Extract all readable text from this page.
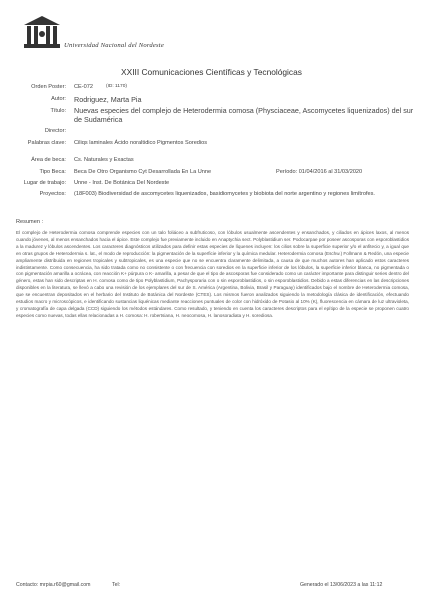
Universidad Nacional del Nordeste
XXIII Comunicaciones Científicas y Tecnológicas
Orden Poster: CE-072	(ID: 1170)
Autor: Rodriguez, Marta Pia
Título: Nuevas especies del complejo de Heterodermia comosa (Physciaceae, Ascomycetes liquenizados) del sur de Sudamérica
Director:
Palabras clave: Ciliqs laminales Ácido noraltidico Pigmentos Soredios
Área de beca: Cs. Naturales y Exactas
Tipo Beca: Beca De Otro Organismo Cyt Desarrollada En La Unne	Período: 01/04/2016 al 31/03/2020
Lugar de trabajo: Unne - Inst. De Botánica Del Nordeste
Proyectos: (18F003) Biodiversidad de ascomycetes liquenizados, basidiomycetes y biobiota del norte argentino y regiones limítrofes.
Resumen :
El complejo de Heterodermia comosa comprende especies con un talo foliáceo a subfruticoso, con lóbulos usualmente ascendentes y ensanchados, y ciliados en ápices laxos, al menos cuando jóvenes, al menos ensanchados hacia el ápice. Este complejo fue previamente incluido en Anaptychia sect. Polyblastidium ser. Podocarpae por poseer ascosporas con esporoblastidios a la madurez y lóbulos ascendentes. Los caracteres diagnósticos utilizados para definir estas especies de líquenes incluyen: los cilios sobre la superficie superior y/o el anfitecio y, a igual que en otras grupos de Heterodermia s. lat., el modo de reproducción: la pigmentación de la superficie inferior y la química medular. Heterodermia comosa (Eschw.) Follmann & Redón, una especie ampliamente distribuida en regiones tropicales y subtropicales, es una especie que no se encuentra claramente delimitada, a causa de que muchos autores han aplicado estos caracteres indistintamente. Como consecuencia, ha sido tratada como no consistente o con frecuencia con soredios en la superficie inferior de los lóbulos, la superficie inferior blanca, no pigmentada o con pigmentación amarilla a ocrácea, con reacción K+ púrpura o K- amarilla, a pesar de que el tipo de ascosporas fue considerado como un carácter importante para distinguir series dentro del género, estas han sido descriptas en H. comosa como de tipo Polyblastidium, Pachysporaria con o sin esporoblastidios, o sin esporoblastidios. Debido a estas diferencias en las descripciones disponibles en la literatura, se llevó a cabo una revisión de los ejemplares del sur de S. América (Argentina, Bolivia, Brasil y Paraguay) identificados bajo el nombre de Heterodermia comosa, que se encuentran depositados en el herbario del Instituto de Botánica del Nordeste (CTES). Los mismos fueron analizados siguiendo la metodología clásica de identificación, efectuando estudios macro y microscópicos, e identificando sustancias liquénicas mediante reacciones puntuales de color con hidróxido de Potasio al 10% (K), fluorescencia en cámara de luz ultravioleta, y cromatografía de capa delgada (CCD) siguiendo los métodos estándares. Como resultado, y teniendo en cuenta los caracteres descriptos para el epítipo de la especie se proponen cuatro especies como nuevas, todas ellas relacionadas a H. comosa: H. robertsiana, H. neocomosa, H. lanosoradiata y H. sorediosa.
Contacto: mrpia.r60@gmail.com	Tel:	Generado el 13/06/2023 a las 11:12
